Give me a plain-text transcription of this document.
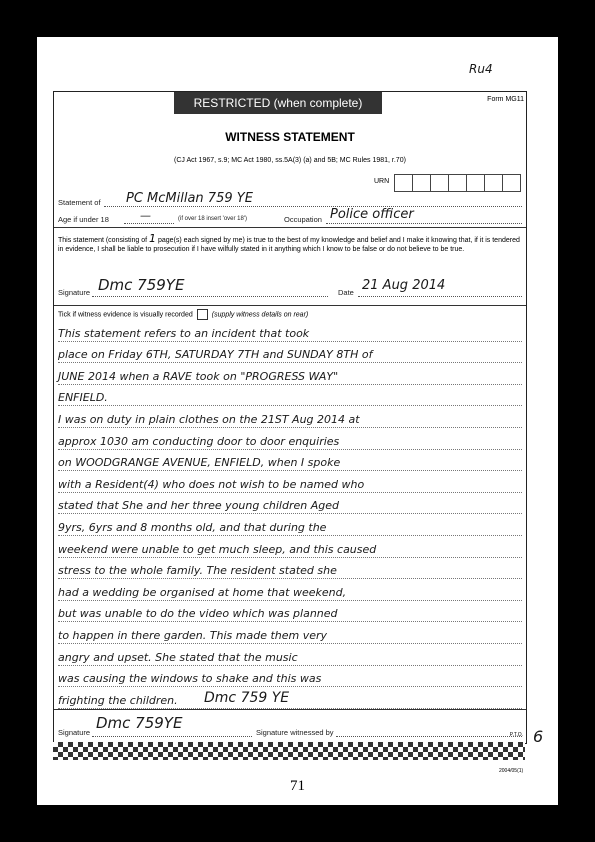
Ru4
RESTRICTED (when complete)	Form MG11
WITNESS STATEMENT
(CJ Act 1967, s.9; MC Act 1980, ss.5A(3) (a) and 5B; MC Rules 1981, r.70)
URN
Statement of PC McMillan 759 YE
Age if under 18	—	(if over 18 insert 'over 18')	Occupation Police officer
This statement (consisting of 1 page(s) each signed by me) is true to the best of my knowledge and belief and I make it knowing that, if it is tendered in evidence, I shall be liable to prosecution if I have wilfully stated in it anything which I know to be false or do not believe to be true.
Signature Dmc 759YE	Date 21 Aug 2014
Tick if witness evidence is visually recorded	(supply witness details on rear)
This statement refers to an incident that took
place on Friday 6TH, SATURDAY 7TH and SUNDAY 8TH of
JUNE 2014 when a RAVE took on "PROGRESS WAY"
ENFIELD.
I was on duty in plain clothes on the 21ST Aug 2014 at
approx 1030 am conducting door to door enquiries
on WOODGRANGE AVENUE, ENFIELD, when I spoke
with a Resident(4) who does not wish to be named who
stated that She and her three young children Aged
9yrs, 6yrs and 8 months old, and that during the
weekend were unable to get much sleep, and this caused
stress to the whole family. The resident stated she
had a wedding be organised at home that weekend,
but was unable to do the video which was planned
to happen in there garden. This made them very
angry and upset. She stated that the music
was causing the windows to shake and this was
frighting the children. Dmc 759 YE
Signature
Dmc 759YE
Signature witnessed by	P.T.O. 6
2004/05(1)
71
